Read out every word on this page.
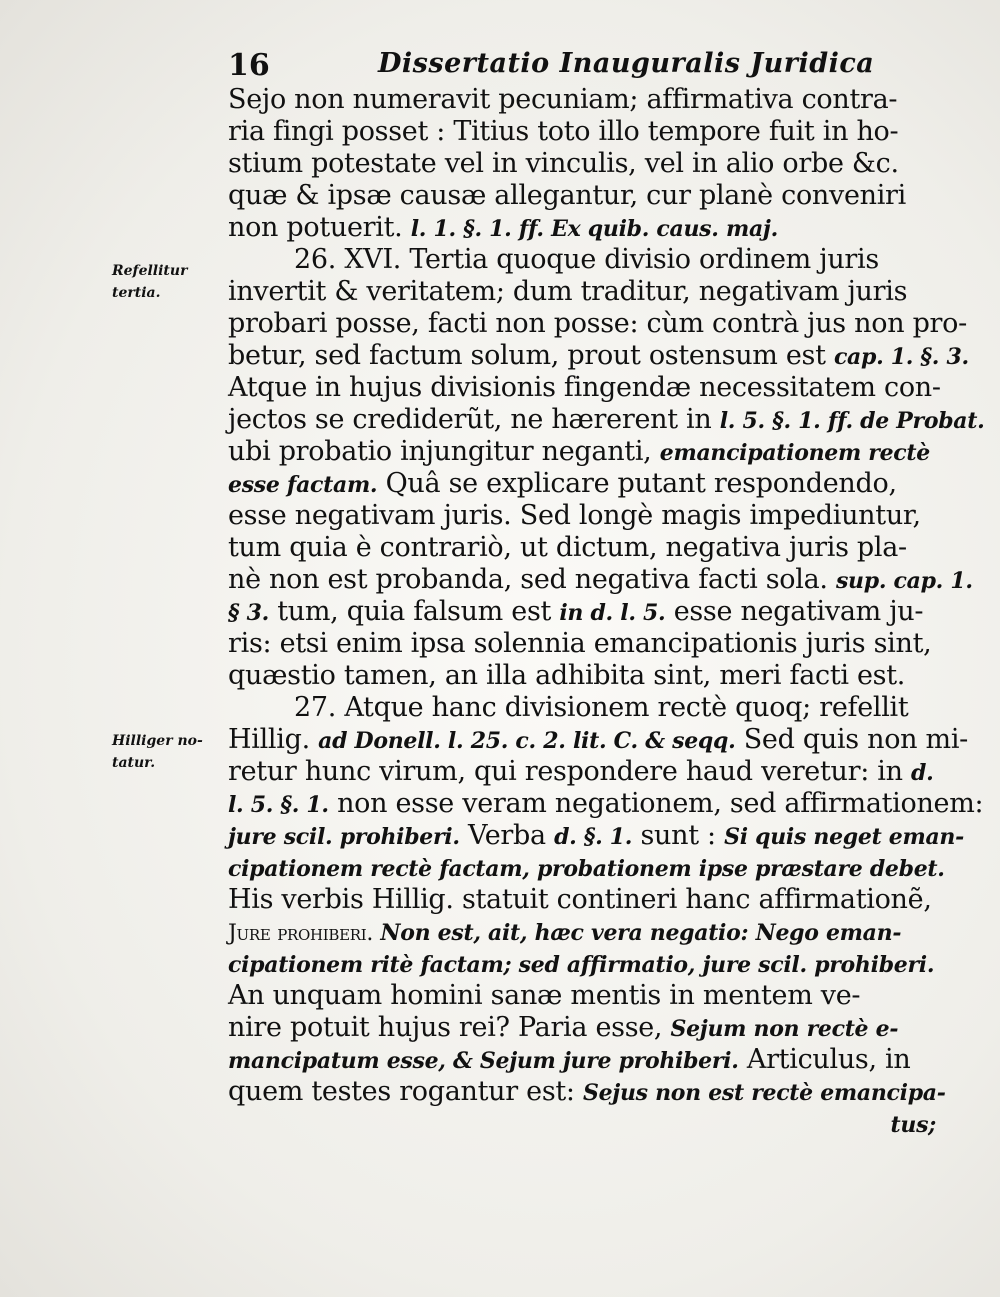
16	Dissertatio Inauguralis Juridica
Refellitur
tertia.
Hilliger no-
tatur.
Sejo non numeravit pecuniam; affirmativa contra-
ria fingi posset : Titius toto illo tempore fuit in ho-
stium potestate vel in vinculis, vel in alio orbe &c.
quæ & ipsæ causæ allegantur, cur planè conveniri
non potuerit. l. 1. §. 1. ff. Ex quib. caus. maj.
26. XVI. Tertia quoque divisio ordinem juris
invertit & veritatem; dum traditur, negativam juris
probari posse, facti non posse: cùm contrà jus non pro-
betur, sed factum solum, prout ostensum est cap. 1. §. 3.
Atque in hujus divisionis fingendæ necessitatem con-
jectos se crediderũt, ne hærerent in l. 5. §. 1. ff. de Probat.
ubi probatio injungitur neganti, emancipationem rectè
esse factam. Quâ se explicare putant respondendo,
esse negativam juris. Sed longè magis impediuntur,
tum quia è contrariò, ut dictum, negativa juris pla-
nè non est probanda, sed negativa facti sola. sup. cap. 1.
§ 3. tum, quia falsum est in d. l. 5. esse negativam ju-
ris: etsi enim ipsa solennia emancipationis juris sint,
quæstio tamen, an illa adhibita sint, meri facti est.
27. Atque hanc divisionem rectè quoq; refellit
Hillig. ad Donell. l. 25. c. 2. lit. C. & seqq. Sed quis non mi-
retur hunc virum, qui respondere haud veretur: in d.
l. 5. §. 1. non esse veram negationem, sed affirmationem:
jure scil. prohiberi. Verba d. §. 1. sunt : Si quis neget eman-
cipationem rectè factam, probationem ipse præstare debet.
His verbis Hillig. statuit contineri hanc affirmationẽ,
Jure prohiberi. Non est, ait, hæc vera negatio: Nego eman-
cipationem ritè factam; sed affirmatio, jure scil. prohiberi.
An unquam homini sanæ mentis in mentem ve-
nire potuit hujus rei? Paria esse, Sejum non rectè e-
mancipatum esse, & Sejum jure prohiberi. Articulus, in
quem testes rogantur est: Sejus non est rectè emancipa-
tus;
